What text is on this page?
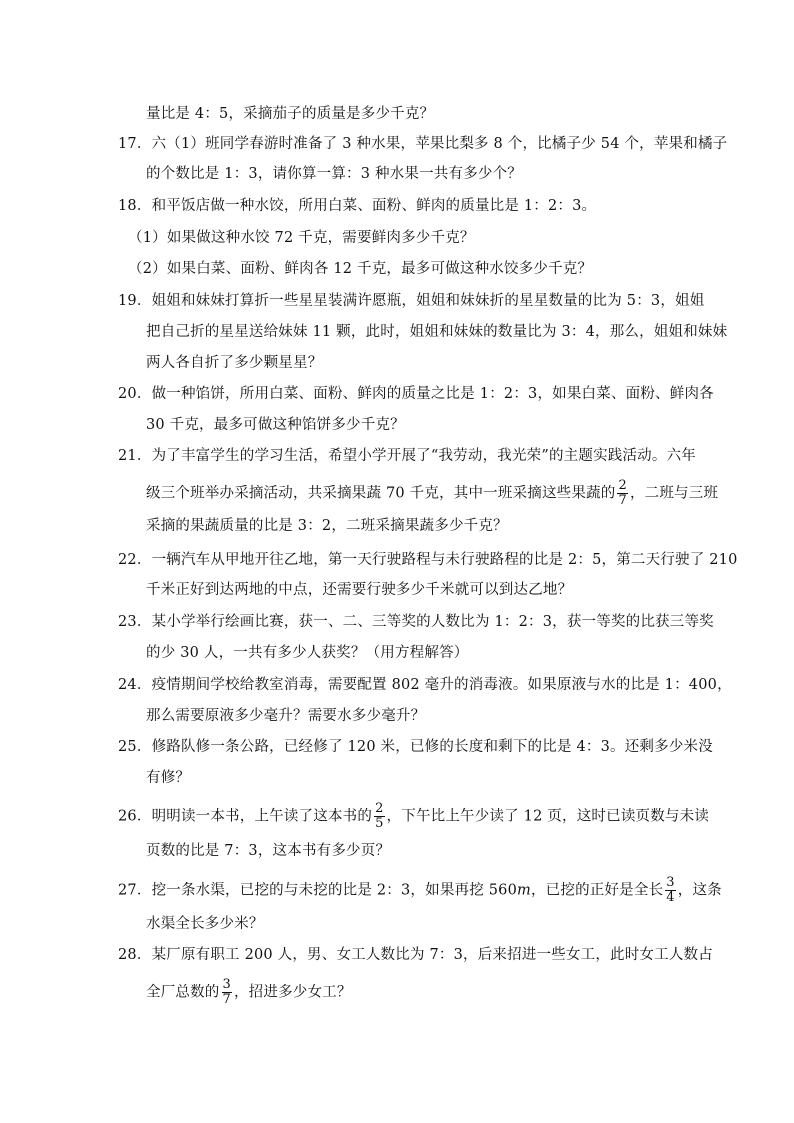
量比是 4：5，采摘茄子的质量是多少千克？
17．六（1）班同学春游时准备了 3 种水果，苹果比梨多 8 个，比橘子少 54 个，苹果和橘子
的个数比是 1：3，请你算一算：3 种水果一共有多少个？
18．和平饭店做一种水饺，所用白菜、面粉、鲜肉的质量比是 1：2：3。
（1）如果做这种水饺 72 千克，需要鲜肉多少千克？
（2）如果白菜、面粉、鲜肉各 12 千克，最多可做这种水饺多少千克？
19．姐姐和妹妹打算折一些星星装满许愿瓶，姐姐和妹妹折的星星数量的比为 5：3，姐姐
把自己折的星星送给妹妹 11 颗，此时，姐姐和妹妹的数量比为 3：4，那么，姐姐和妹妹
两人各自折了多少颗星星？
20．做一种馅饼，所用白菜、面粉、鲜肉的质量之比是 1：2：3，如果白菜、面粉、鲜肉各
30 千克，最多可做这种馅饼多少千克？
21．为了丰富学生的学习生活，希望小学开展了“我劳动，我光荣”的主题实践活动。六年
级三个班举办采摘活动，共采摘果蔬 70 千克，其中一班采摘这些果蔬的 $\frac{2}{7}$ ，二班与三班
采摘的果蔬质量的比是 3：2，二班采摘果蔬多少千克？
22．一辆汽车从甲地开往乙地，第一天行驶路程与未行驶路程的比是 2：5，第二天行驶了 210
千米正好到达两地的中点，还需要行驶多少千米就可以到达乙地？
23．某小学举行绘画比赛，获一、二、三等奖的人数比为 1：2：3，获一等奖的比获三等奖
的少 30 人，一共有多少人获奖？（用方程解答）
24．疫情期间学校给教室消毒，需要配置 802 毫升的消毒液。如果原液与水的比是 1：400，
那么需要原液多少毫升？需要水多少毫升？
25．修路队修一条公路，已经修了 120 米，已修的长度和剩下的比是 4：3。还剩多少米没
有修？
26．明明读一本书，上午读了这本书的 $\frac{2}{5}$ ，下午比上午少读了 12 页，这时已读页数与未读
页数的比是 7：3，这本书有多少页？
27．挖一条水渠，已挖的与未挖的比是 2：3，如果再挖 560m，已挖的正好是全长 $\frac{3}{4}$ ，这条
水渠全长多少米？
28．某厂原有职工 200 人，男、女工人数比为 7：3，后来招进一些女工，此时女工人数占
全厂总数的 $\frac{3}{7}$ ，招进多少女工？
